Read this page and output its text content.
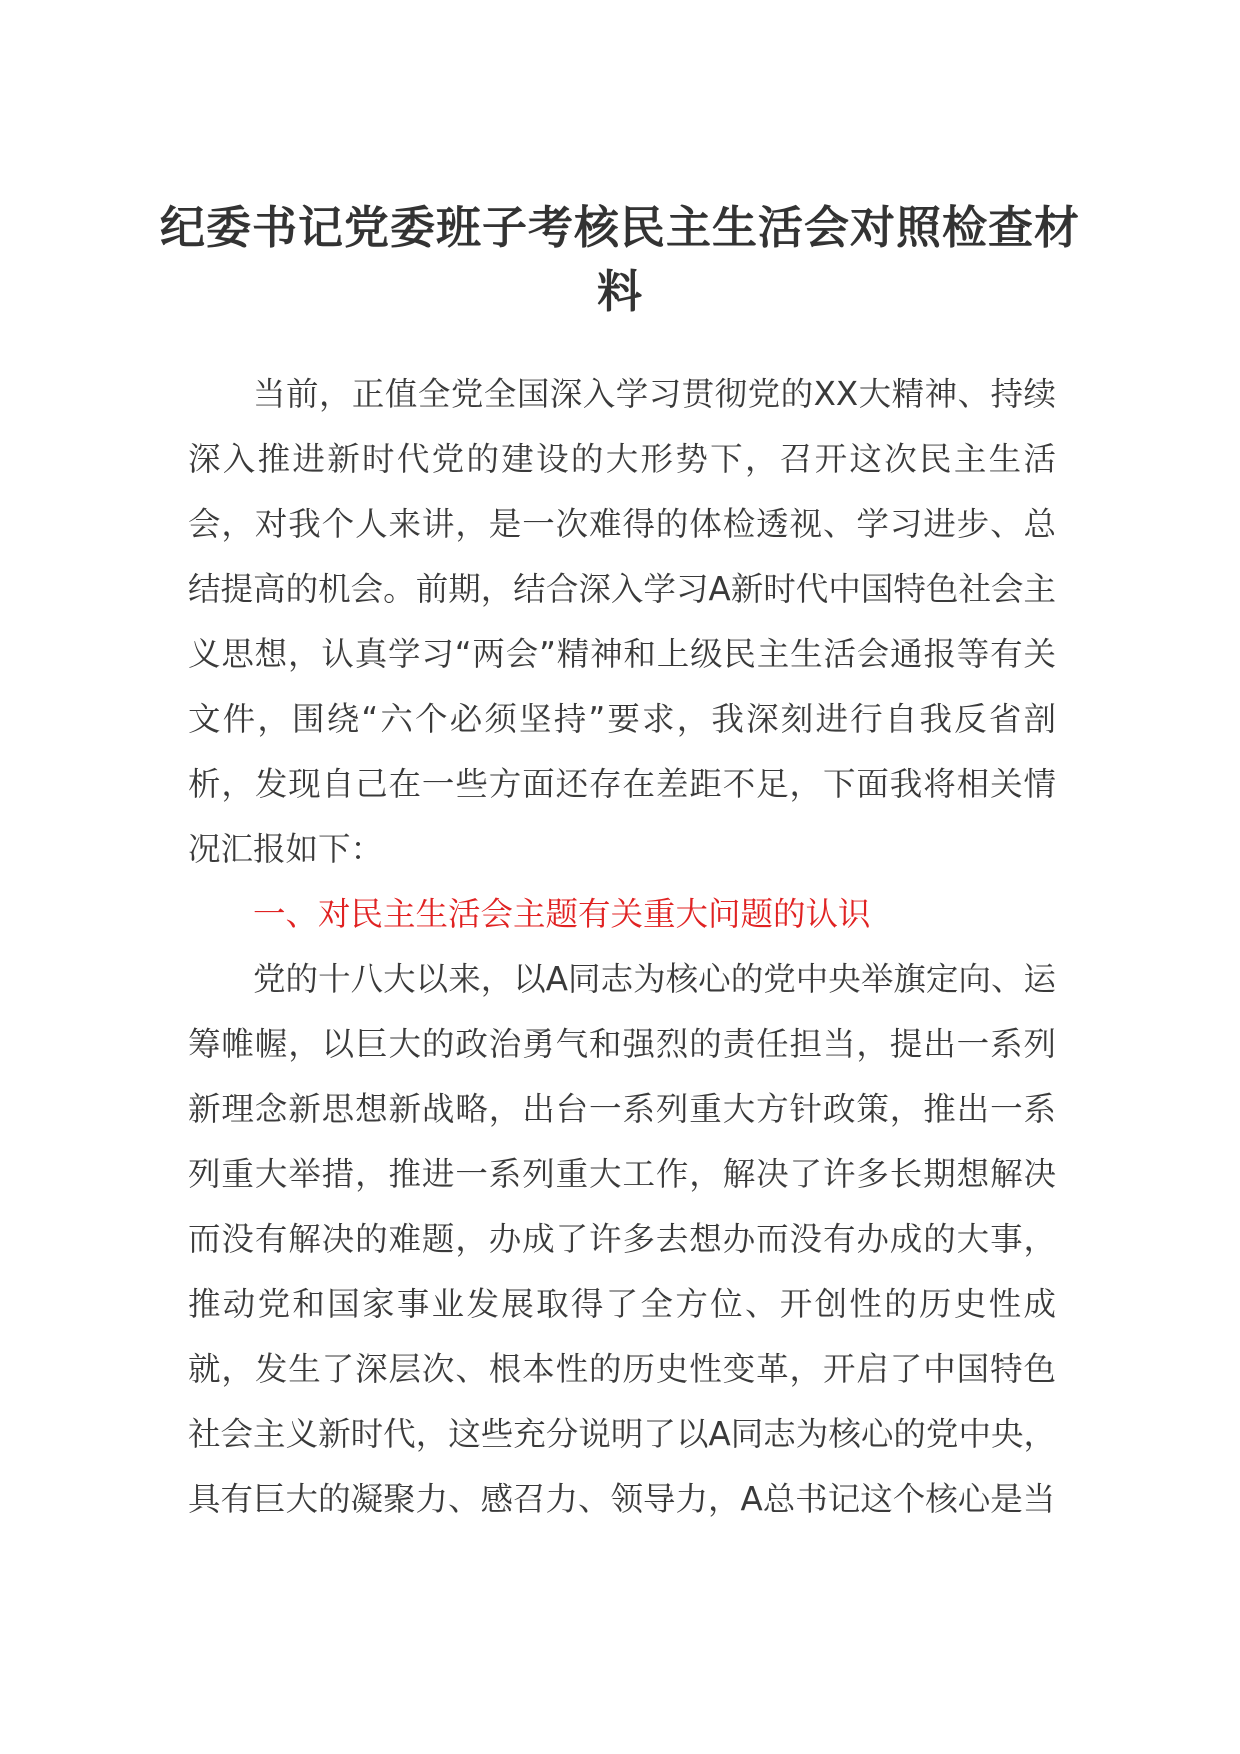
纪委书记党委班子考核民主生活会对照检查材料

当前，正值全党全国深入学习贯彻党的XX大精神、持续深入推进新时代党的建设的大形势下，召开这次民主生活会，对我个人来讲，是一次难得的体检透视、学习进步、总结提高的机会。前期，结合深入学习A新时代中国特色社会主义思想，认真学习“两会”精神和上级民主生活会通报等有关文件，围绕“六个必须坚持”要求，我深刻进行自我反省剖析，发现自己在一些方面还存在差距不足，下面我将相关情况汇报如下：

一、对民主生活会主题有关重大问题的认识

党的十八大以来，以A同志为核心的党中央举旗定向、运筹帷幄，以巨大的政治勇气和强烈的责任担当，提出一系列新理念新思想新战略，出台一系列重大方针政策，推出一系列重大举措，推进一系列重大工作，解决了许多长期想解决而没有解决的难题，办成了许多去想办而没有办成的大事，推动党和国家事业发展取得了全方位、开创性的历史性成就，发生了深层次、根本性的历史性变革，开启了中国特色社会主义新时代，这些充分说明了以A同志为核心的党中央，具有巨大的凝聚力、感召力、领导力，A总书记这个核心是当
